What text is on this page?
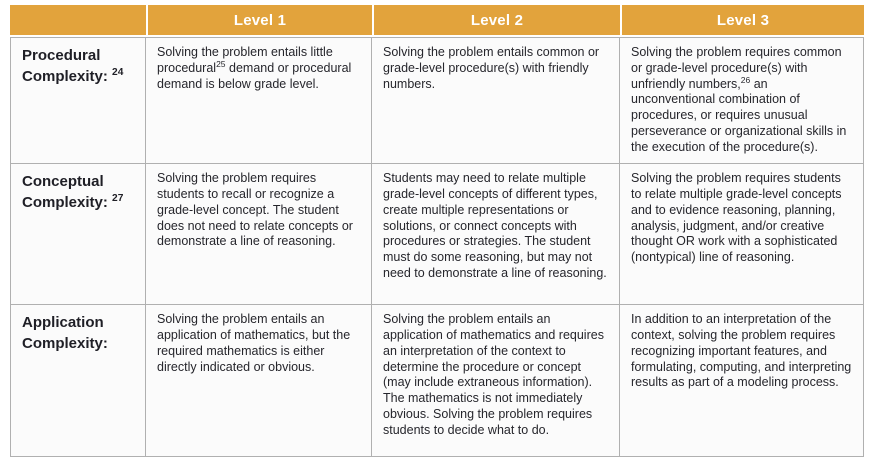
	Level 1	Level 2	Level 3
Procedural Complexity: $^{24}$	Solving the problem entails little procedural$^{25}$ demand or procedural demand is below grade level.	Solving the problem entails common or grade-level procedure(s) with friendly numbers.	Solving the problem requires common or grade-level procedure(s) with unfriendly numbers,$^{26}$ an unconventional combination of procedures, or requires unusual perseverance or organizational skills in the execution of the procedure(s).
Conceptual Complexity: $^{27}$	Solving the problem requires students to recall or recognize a grade-level concept. The student does not need to relate concepts or demonstrate a line of reasoning.	Students may need to relate multiple grade-level concepts of different types, create multiple representations or solutions, or connect concepts with procedures or strategies. The student must do some reasoning, but may not need to demonstrate a line of reasoning.	Solving the problem requires students to relate multiple grade-level concepts and to evidence reasoning, planning, analysis, judgment, and/or creative thought OR work with a sophisticated (nontypical) line of reasoning.
Application Complexity:	Solving the problem entails an application of mathematics, but the required mathematics is either directly indicated or obvious.	Solving the problem entails an application of mathematics and requires an interpretation of the context to determine the procedure or concept (may include extraneous information). The mathematics is not immediately obvious. Solving the problem requires students to decide what to do.	In addition to an interpretation of the context, solving the problem requires recognizing important features, and formulating, computing, and interpreting results as part of a modeling process.
